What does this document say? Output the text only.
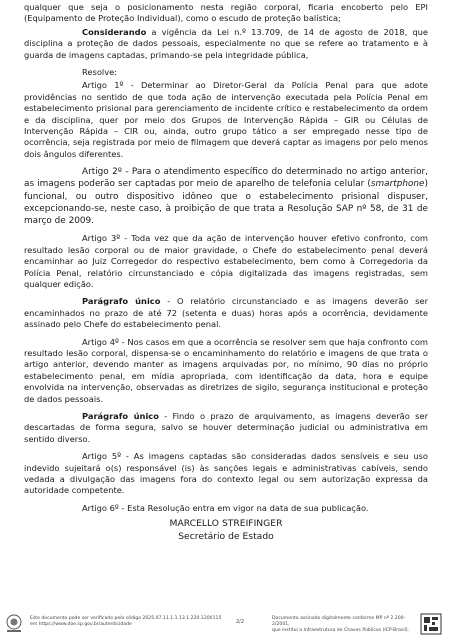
qualquer que seja o posicionamento nesta região corporal, ficaria encoberto pelo EPI (Equipamento de Proteção Individual), como o escudo de proteção balística;

Considerando a vigência da Lei n.º 13.709, de 14 de agosto de 2018, que disciplina a proteção de dados pessoais, especialmente no que se refere ao tratamento e à guarda de imagens captadas, primando-se pela integridade pública,

Resolve:

Artigo 1º - Determinar ao Diretor-Geral da Polícia Penal para que adote providências no sentido de que toda ação de intervenção executada pela Polícia Penal em estabelecimento prisional para gerenciamento de incidente crítico e restabelecimento da ordem e da disciplina, quer por meio dos Grupos de Intervenção Rápida – GIR ou Células de Intervenção Rápida – CIR ou, ainda, outro grupo tático a ser empregado nesse tipo de ocorrência, seja registrada por meio de filmagem que deverá captar as imagens por pelo menos dois ângulos diferentes.

Artigo 2º - Para o atendimento específico do determinado no artigo anterior, as imagens poderão ser captadas por meio de aparelho de telefonia celular (smartphone) funcional, ou outro dispositivo idôneo que o estabelecimento prisional dispuser, excepcionando-se, neste caso, à proibição de que trata a Resolução SAP nº 58, de 31 de março de 2009.

Artigo 3º - Toda vez que da ação de intervenção houver efetivo confronto, com resultado lesão corporal ou de maior gravidade, o Chefe do estabelecimento penal deverá encaminhar ao Juiz Corregedor do respectivo estabelecimento, bem como à Corregedoria da Polícia Penal, relatório circunstanciado e cópia digitalizada das imagens registradas, sem qualquer edição.

Parágrafo único - O relatório circunstanciado e as imagens deverão ser encaminhados no prazo de até 72 (setenta e duas) horas após a ocorrência, devidamente assinado pelo Chefe do estabelecimento penal.

Artigo 4º - Nos casos em que a ocorrência se resolver sem que haja confronto com resultado lesão corporal, dispensa-se o encaminhamento do relatório e imagens de que trata o artigo anterior, devendo manter as imagens arquivadas por, no mínimo, 90 dias no próprio estabelecimento penal, em mídia apropriada, com identificação da data, hora e equipe envolvida na intervenção, observadas as diretrizes de sigilo, segurança institucional e proteção de dados pessoais.

Parágrafo único - Findo o prazo de arquivamento, as imagens deverão ser descartadas de forma segura, salvo se houver determinação judicial ou administrativa em sentido diverso.

Artigo 5º - As imagens captadas são consideradas dados sensíveis e seu uso indevido sujeitará o(s) responsável (is) às sanções legais e administrativas cabíveis, sendo vedada a divulgação das imagens fora do contexto legal ou sem autorização expressa da autoridade competente.

Artigo 6º - Esta Resolução entra em vigor na data de sua publicação.

MARCELLO STREIFINGER

Secretário de Estado

Este documento pode ser verificado pelo código 2025.07.11.1.1.13.1.220.1200115
em https://www.doe.sp.gov.br/autenticidade	2/2
Documento assinado digitalmente conforme MP nº 2.200-2/2001,
que institui a Infraestrutura de Chaves Públicas (ICP-Brasil).
